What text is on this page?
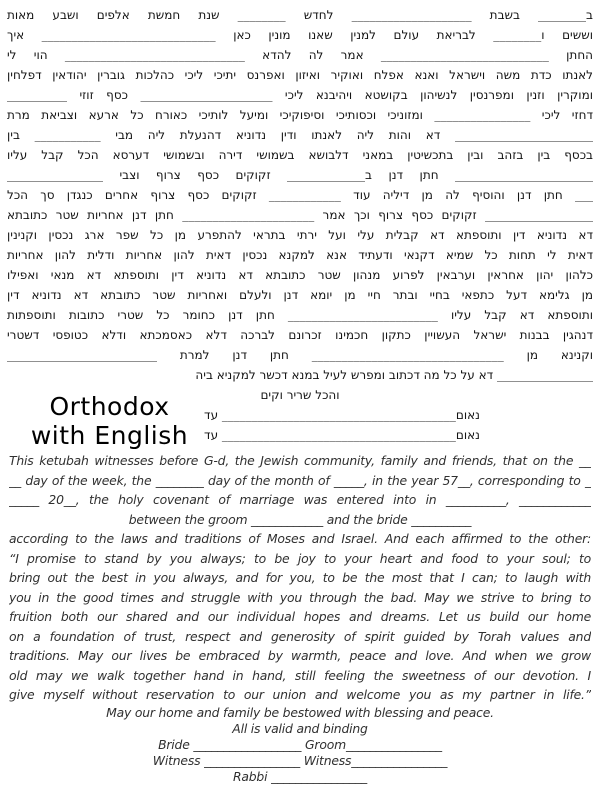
ב________ בשבת ____________________ לחדש ________ שנת חמשת אלפים ושבע מאות
וששים ו________ לבריאת עולם למנין שאנו מונין כאן _____________________________ איך
החתן ____________________________ אמר לה להדא ______________________________ הוי לי
לאנתו כדת משה וישראל ואנא אפלח ואוקיר ואיזון ואפרנס יתיכי ליכי כהלכות גוברין יהודאין דפלחין
ומוקרין וזנין ומפרנסין לנשיהון בקושטא ויהיבנא ליכי ______________________ כסף זוזי __________
דחזי ליכי ________________ ומזוניכי וכסותיכי וסיפוקיכי ומיעל לותיכי כאורח כל ארעא וצביאת מרת
_______________________ דא והות ליה לאנתו ודין נדוניא דהנעלת ליה מבי ___________ בין
בכסף בין בזהב ובין בתכשיטין במאני דלבושא בשמושי דירה ובשמושי דערסא הכל קבל עליו
_______________________ חתן דנן ב_____________ זקוקים כסף צרוף וצבי ________________
___ חתן דנן והוסיף לה מן דיליה עוד ____________ זקוקים כסף צרוף אחרים כנגדן סך הכל
__________________ זקוקים כסף צרוף וכך אמר ______________________ חתן דנן אחריות שטר כתובתא
דא נדוניא דין ותוספתא דא קבלית עלי ועל ירתי בתראי להתפרע מן כל שפר ארג נכסין וקנינין
דאית לי תחות כל שמיא דקנאי ודעתיד אנא למקנא נכסין דאית להון אחריות ודלית להון אחריות
כלהון יהון אחראין וערבאין לפרוע מנהון שטר כתובתא דא נדוניא דין ותוספתא דא מנאי ואפילו
מן גלימא דעל כתפאי בחיי ובתר חיי מן יומא דנן ולעלם ואחריות שטר כתובתא דא נדוניא דין
ותוספתא דא קבל עליו _________________________ חתן דנן כחומר כל שטרי כתובות ותוספתות
דנהגין בבנות ישראל העשויין כתקון חכמינו זכרונם לברכה דלא כאסמכתא ודלא כטופסי דשטרי
וקנינא מן ________________________________ חתן דנן למרת _________________________
________________ דא על כל מה דכתוב ומפרש לעיל במנא דכשר למקניא ביה
והכל שריר וקים
נאום_______________________________________ עד
נאום_______________________________________ עד
Orthodox
with English
This ketubah witnesses before G-d, the Jewish community, family and friends, that on the __
__ day of the week, the ________ day of the month of _____, in the year 57__, corresponding to _
_____ 20__, the holy covenant of marriage was entered into in __________, ____________
between the groom ____________ and the bride __________
according to the laws and traditions of Moses and Israel. And each affirmed to the other:
“I promise to stand by you always; to be joy to your heart and food to your soul; to
bring out the best in you always, and for you, to be the most that I can; to laugh with
you in the good times and struggle with you through the bad. May we strive to bring to
fruition both our shared and our individual hopes and dreams. Let us build our home
on a foundation of trust, respect and generosity of spirit guided by Torah values and
traditions. May our lives be embraced by warmth, peace and love. And when we grow
old may we walk together hand in hand, still feeling the sweetness of our devotion. I
give myself without reservation to our union and welcome you as my partner in life.”
May our home and family be bestowed with blessing and peace.
All is valid and binding
Bride __________________ Groom________________
Witness ________________ Witness________________
Rabbi ________________
